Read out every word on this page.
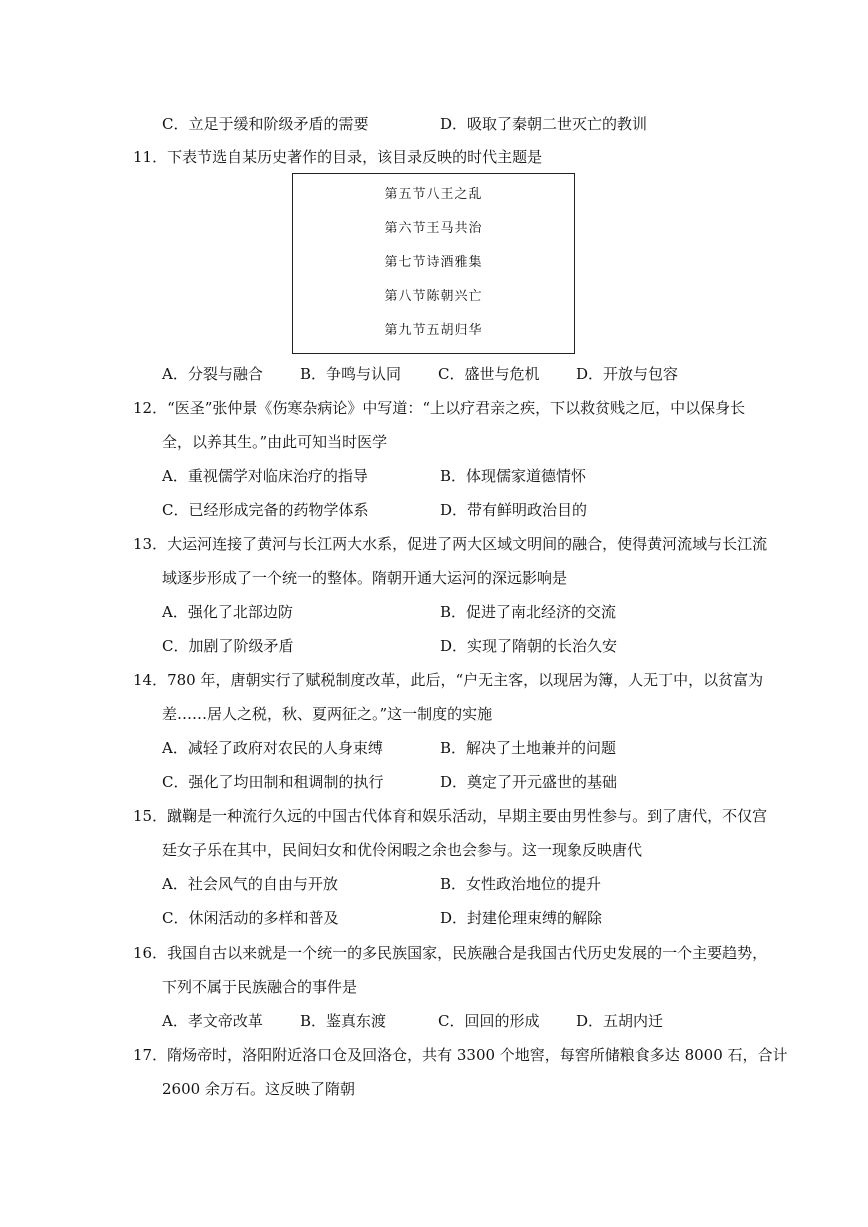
C．立足于缓和阶级矛盾的需要	D．吸取了秦朝二世灭亡的教训
11．下表节选自某历史著作的目录，该目录反映的时代主题是
第五节八王之乱
第六节王马共治
第七节诗酒雅集
第八节陈朝兴亡
第九节五胡归华
A．分裂与融合 B．争鸣与认同 C．盛世与危机 D．开放与包容
12．“医圣”张仲景《伤寒杂病论》中写道：“上以疗君亲之疾，下以救贫贱之厄，中以保身长
全，以养其生。”由此可知当时医学
A．重视儒学对临床治疗的指导	B．体现儒家道德情怀
C．已经形成完备的药物学体系	D．带有鲜明政治目的
13．大运河连接了黄河与长江两大水系，促进了两大区域文明间的融合，使得黄河流域与长江流
域逐步形成了一个统一的整体。隋朝开通大运河的深远影响是
A．强化了北部边防	B．促进了南北经济的交流
C．加剧了阶级矛盾	D．实现了隋朝的长治久安
14．780 年，唐朝实行了赋税制度改革，此后，“户无主客，以现居为簿，人无丁中，以贫富为
差……居人之税，秋、夏两征之。”这一制度的实施
A．减轻了政府对农民的人身束缚	B．解决了土地兼并的问题
C．强化了均田制和租调制的执行	D．奠定了开元盛世的基础
15．蹴鞠是一种流行久远的中国古代体育和娱乐活动，早期主要由男性参与。到了唐代，不仅宫
廷女子乐在其中，民间妇女和优伶闲暇之余也会参与。这一现象反映唐代
A．社会风气的自由与开放	B．女性政治地位的提升
C．休闲活动的多样和普及	D．封建伦理束缚的解除
16．我国自古以来就是一个统一的多民族国家，民族融合是我国古代历史发展的一个主要趋势，
下列不属于民族融合的事件是
A．孝文帝改革 B．鉴真东渡	C．回回的形成 D．五胡内迁
17．隋炀帝时，洛阳附近洛口仓及回洛仓，共有 3300 个地窖，每窖所储粮食多达 8000 石，合计
2600 余万石。这反映了隋朝
